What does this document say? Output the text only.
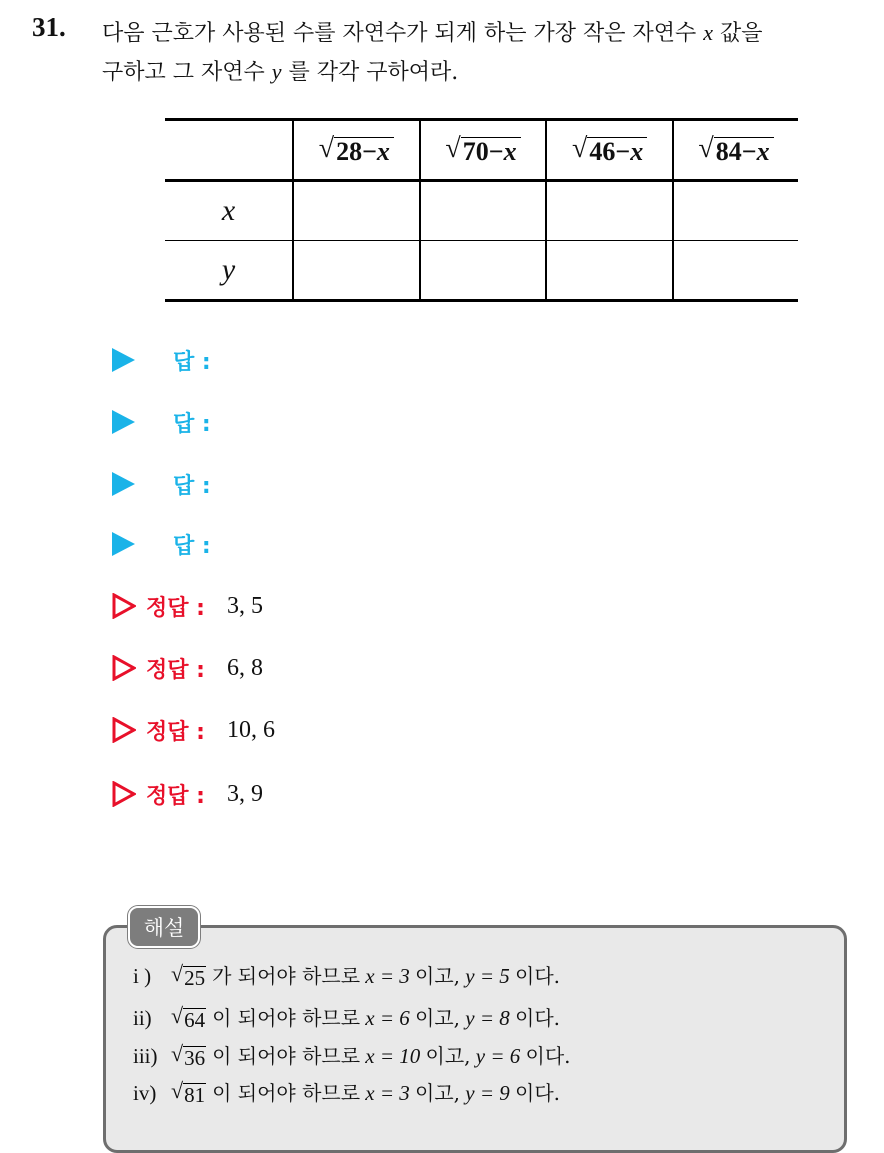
31. 다음 근호가 사용된 수를 자연수가 되게 하는 가장 작은 자연수 x 값을
구하고 그 자연수 y 를 각각 구하여라.

	√ 28−x	√ 70−x	√ 46−x	√ 84−x

x				
y				
답 :
답 :
답 :
답 :
정답 : 3, 5
정답 : 6, 8
정답 : 10, 6
정답 : 3, 9
해설
i ) √ 25 가 되어야 하므로
x = 3
이고,
y = 5
이다.
ii) √ 64 이 되어야 하므로
x = 6
이고,
y = 8
이다.
iii) √ 36 이 되어야 하므로
x = 10
이고,
y = 6
이다.
iv) √ 81 이 되어야 하므로
x = 3
이고,
y = 9
이다.
